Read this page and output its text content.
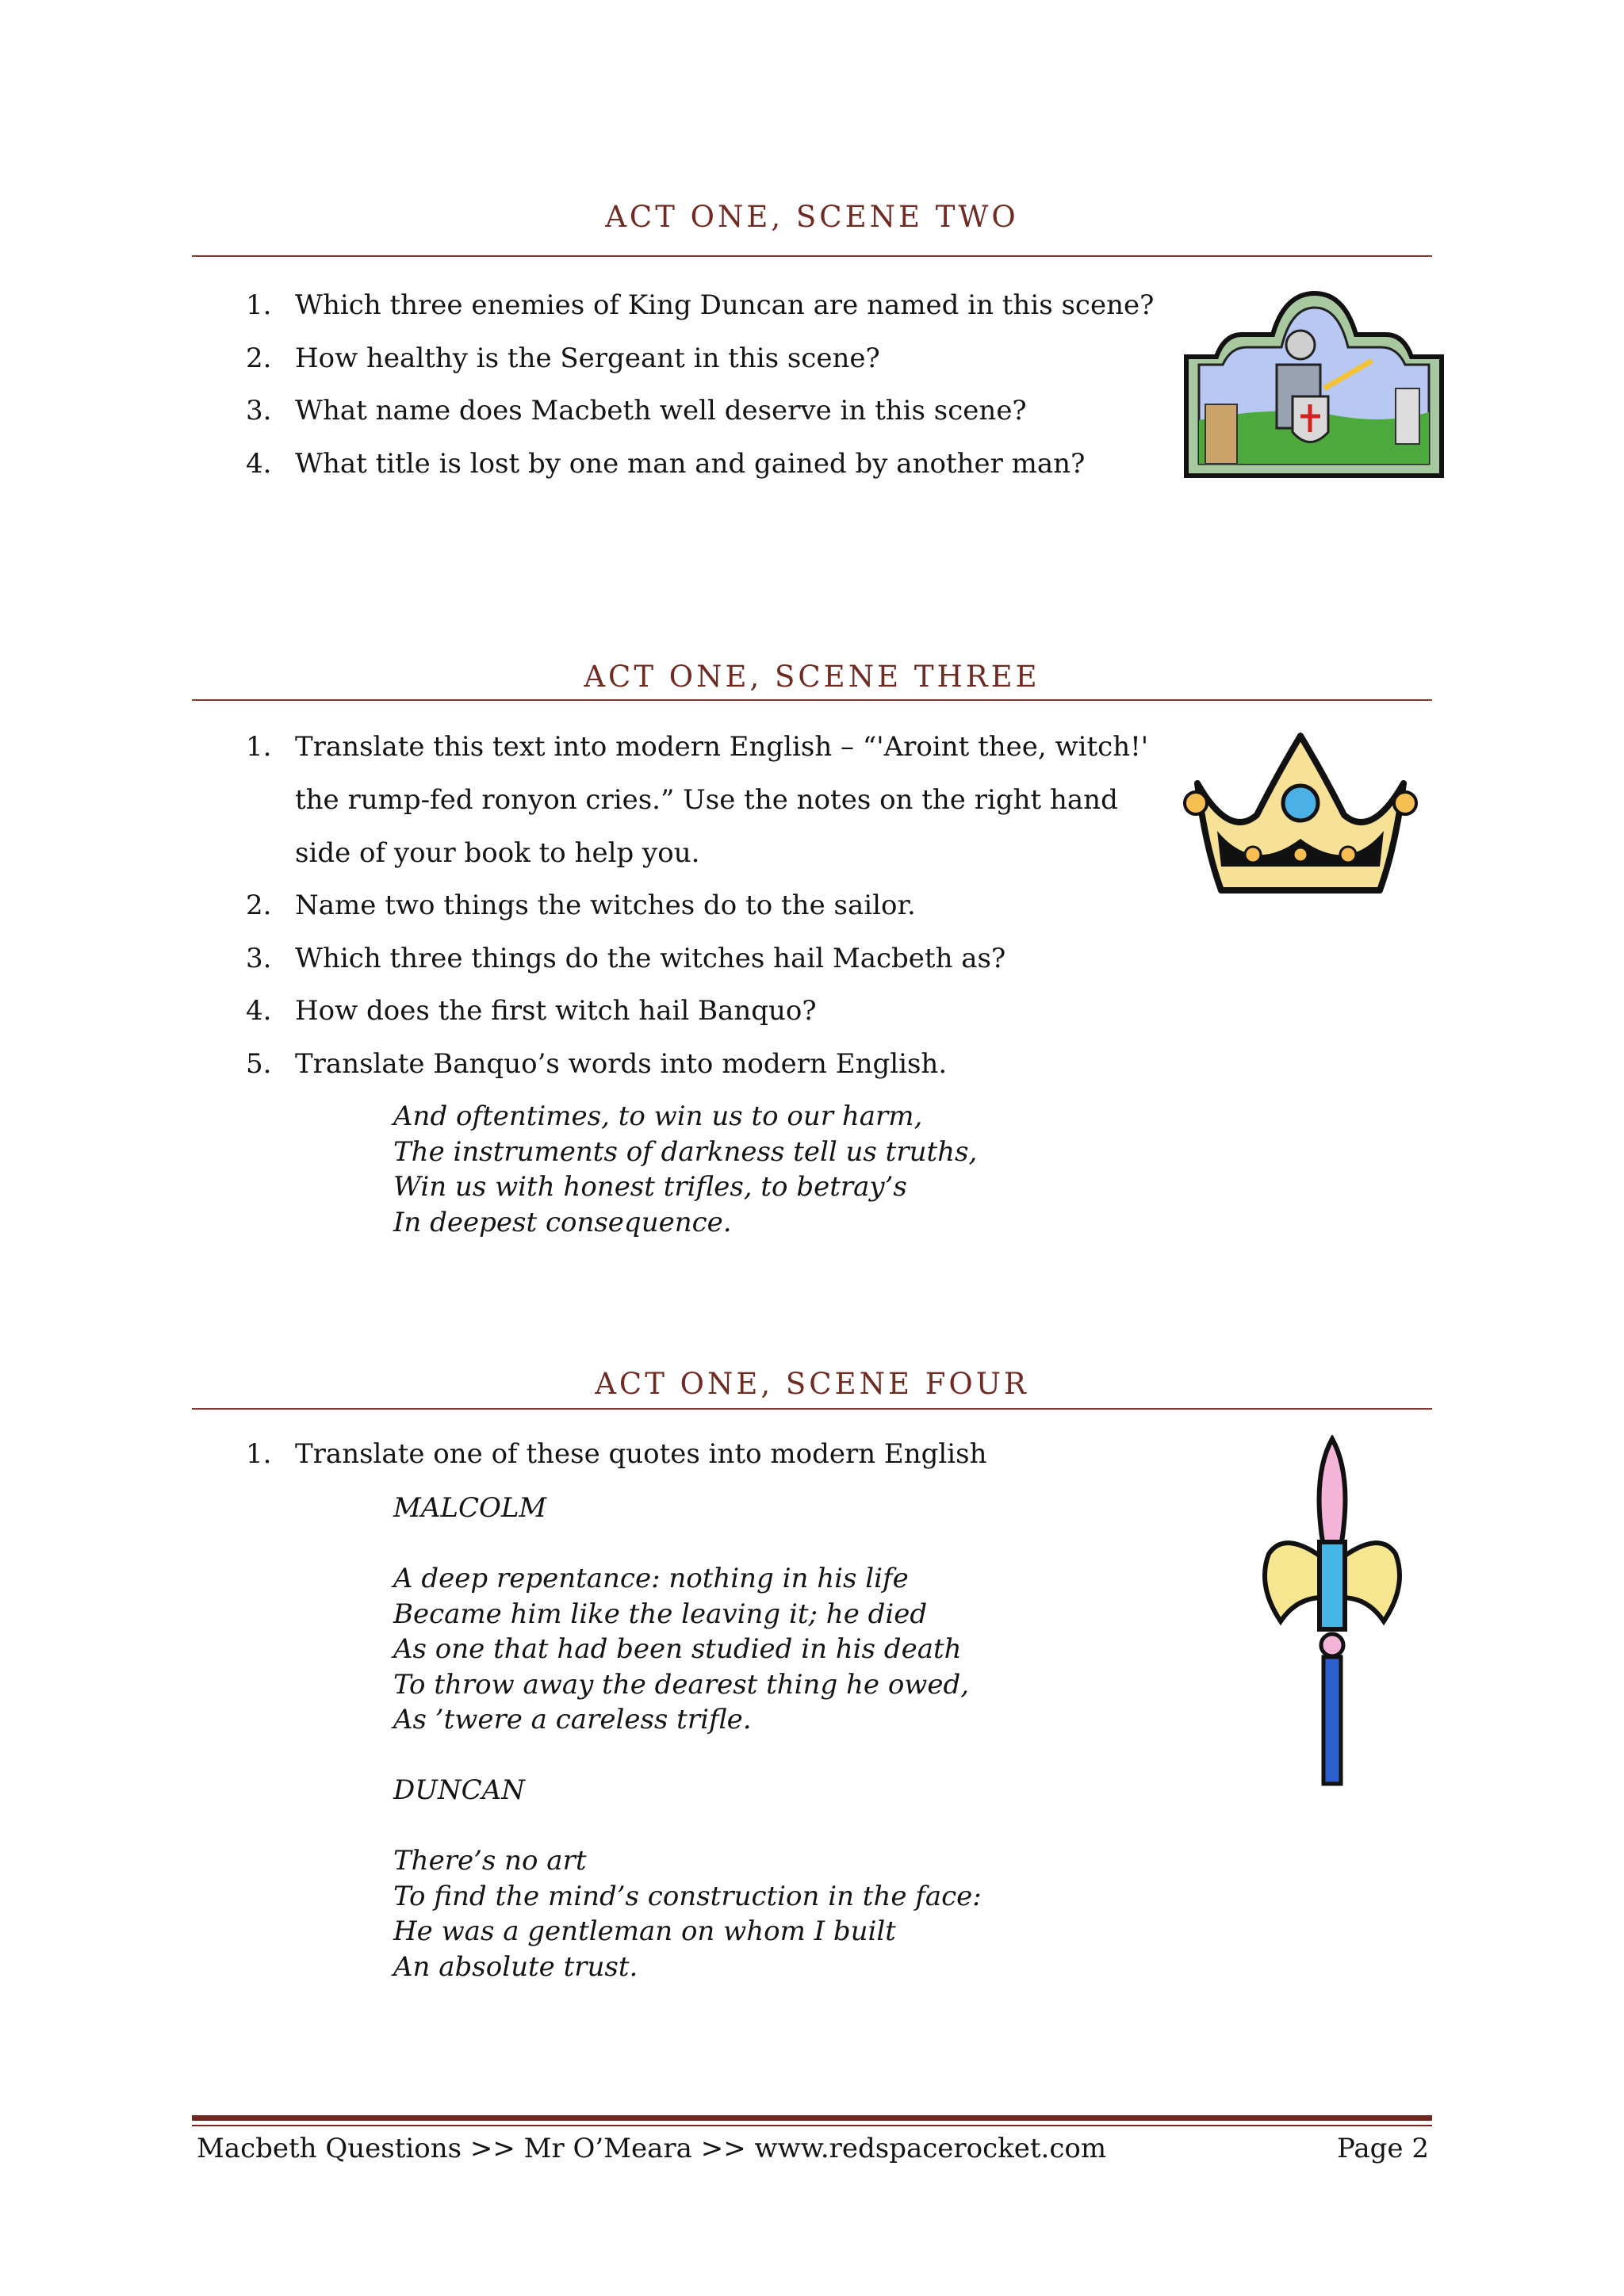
ACT ONE, SCENE TWO
1. Which three enemies of King Duncan are named in this scene?
2. How healthy is the Sergeant in this scene?
3. What name does Macbeth well deserve in this scene?
4. What title is lost by one man and gained by another man?
ACT ONE, SCENE THREE
1. Translate this text into modern English – “'Aroint thee, witch!' the rump-fed ronyon cries.” Use the notes on the right hand side of your book to help you.
2. Name two things the witches do to the sailor.
3. Which three things do the witches hail Macbeth as?
4. How does the first witch hail Banquo?
5. Translate Banquo’s words into modern English.
And oftentimes, to win us to our harm,
The instruments of darkness tell us truths,
Win us with honest trifles, to betray’s
In deepest consequence.
ACT ONE, SCENE FOUR
1. Translate one of these quotes into modern English
MALCOLM

A deep repentance: nothing in his life
Became him like the leaving it; he died
As one that had been studied in his death
To throw away the dearest thing he owed,
As ’twere a careless trifle.

DUNCAN

There’s no art
To find the mind’s construction in the face:
He was a gentleman on whom I built
An absolute trust.
Macbeth Questions >> Mr O’Meara >> www.redspacerocket.com	Page 2
